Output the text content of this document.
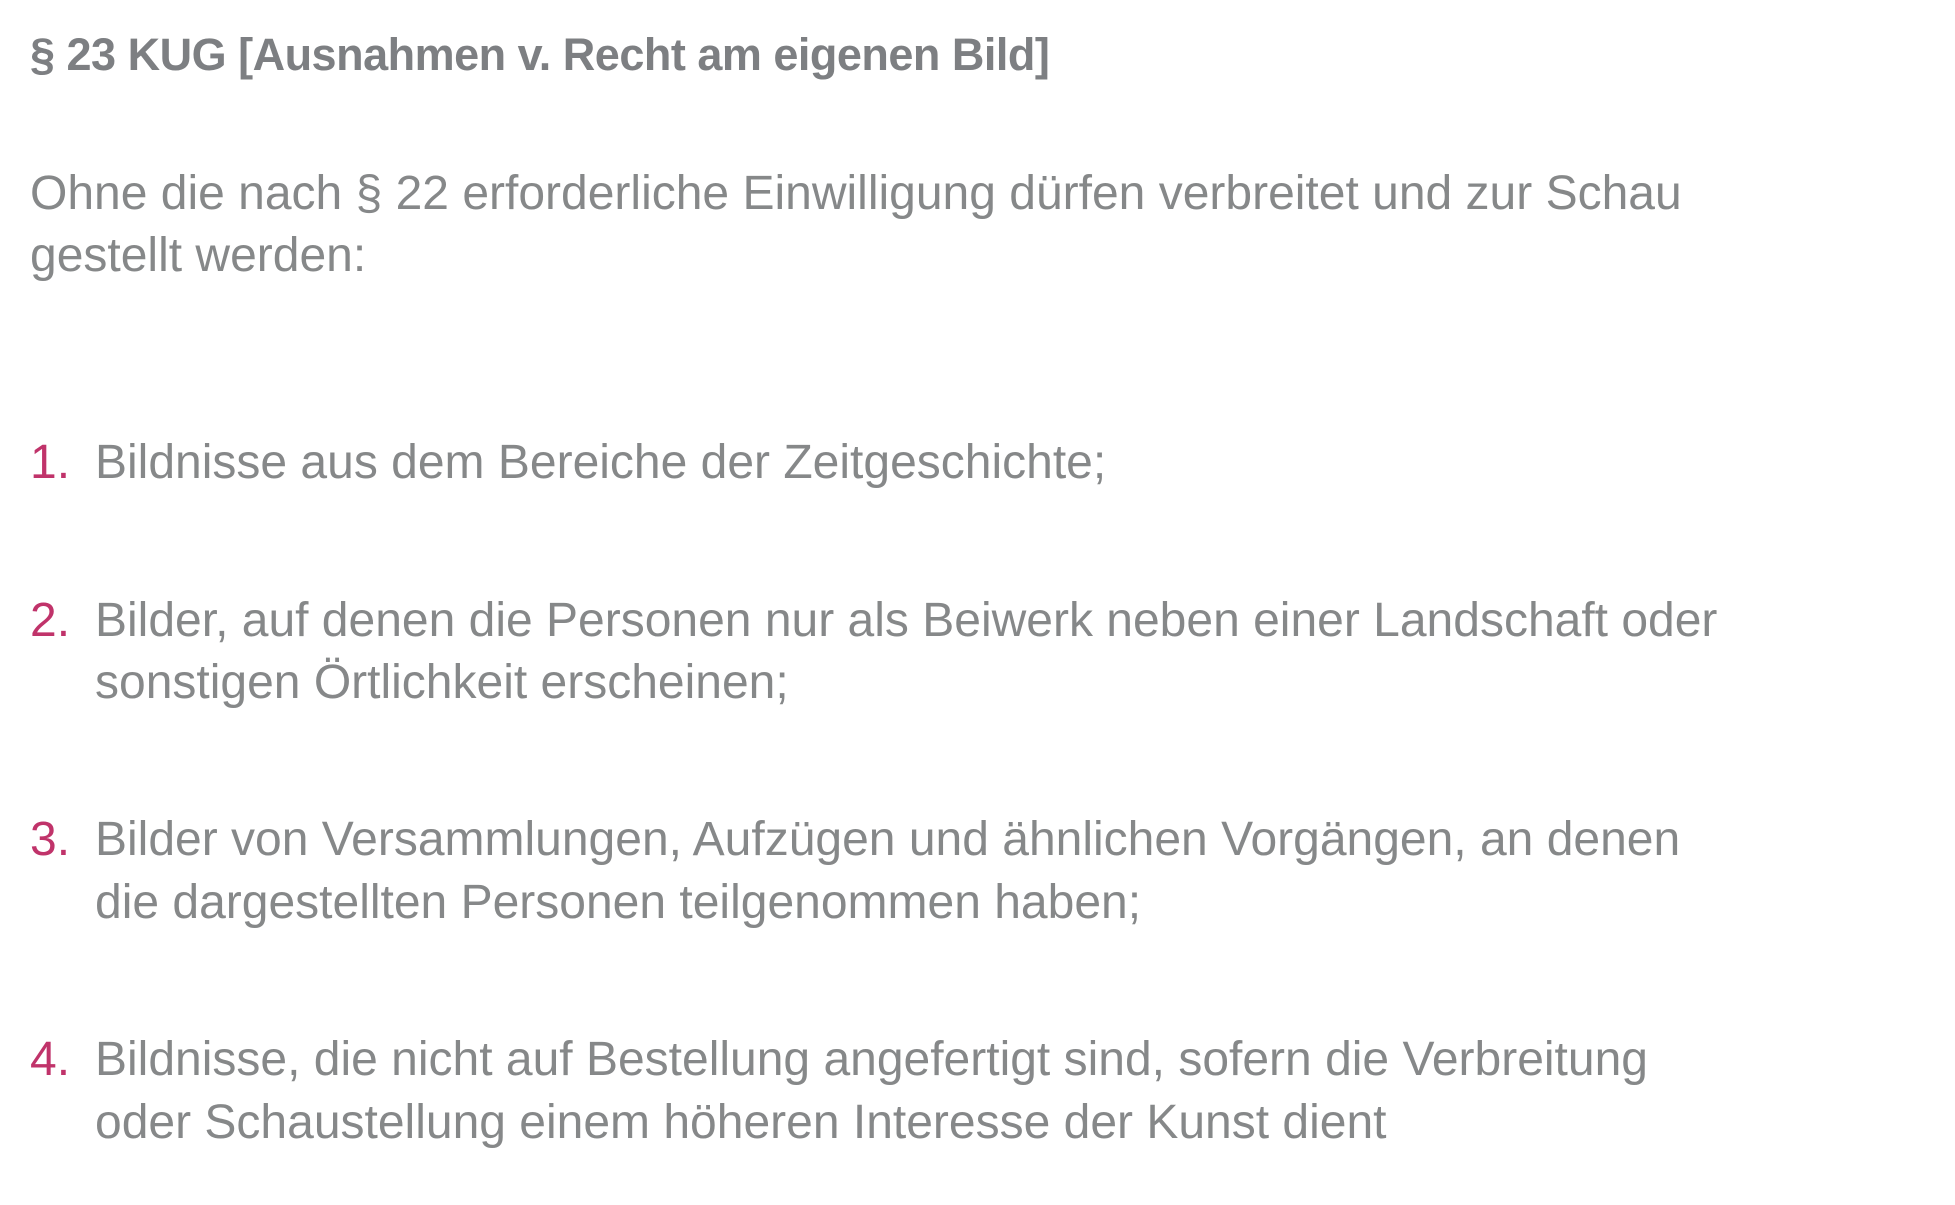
§ 23 KUG [Ausnahmen v. Recht am eigenen Bild]
Ohne die nach § 22 erforderliche Einwilligung dürfen verbreitet und zur Schau
gestellt werden:
1. Bildnisse aus dem Bereiche der Zeitgeschichte;
2. Bilder, auf denen die Personen nur als Beiwerk neben einer Landschaft oder
sonstigen Örtlichkeit erscheinen;
3. Bilder von Versammlungen, Aufzügen und ähnlichen Vorgängen, an denen
die dargestellten Personen teilgenommen haben;
4. Bildnisse, die nicht auf Bestellung angefertigt sind, sofern die Verbreitung
oder Schaustellung einem höheren Interesse der Kunst dient
